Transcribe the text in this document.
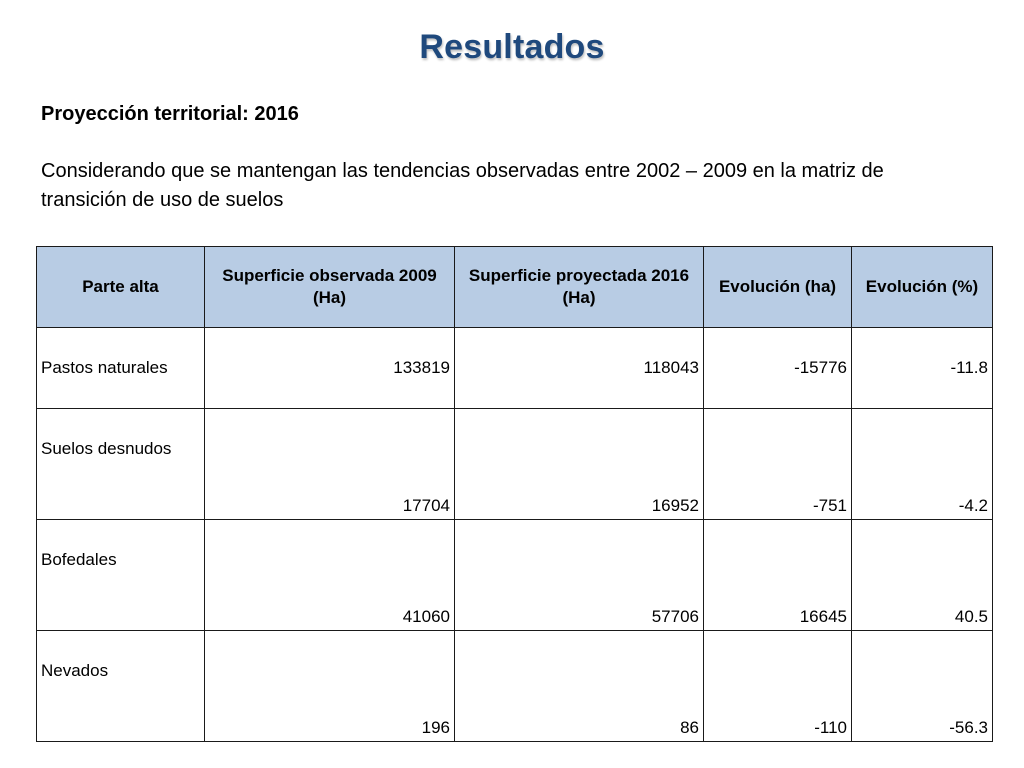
Resultados
Proyección territorial: 2016
Considerando que se mantengan las tendencias observadas entre 2002 – 2009 en la matriz de transición de uso de suelos
Parte alta	Superficie observada 2009 (Ha)	Superficie proyectada 2016 (Ha)	Evolución (ha)	Evolución (%)
Pastos naturales	133819	118043	-15776	-11.8
Suelos desnudos	17704	16952	-751	-4.2
Bofedales	41060	57706	16645	40.5
Nevados	196	86	-110	-56.3
